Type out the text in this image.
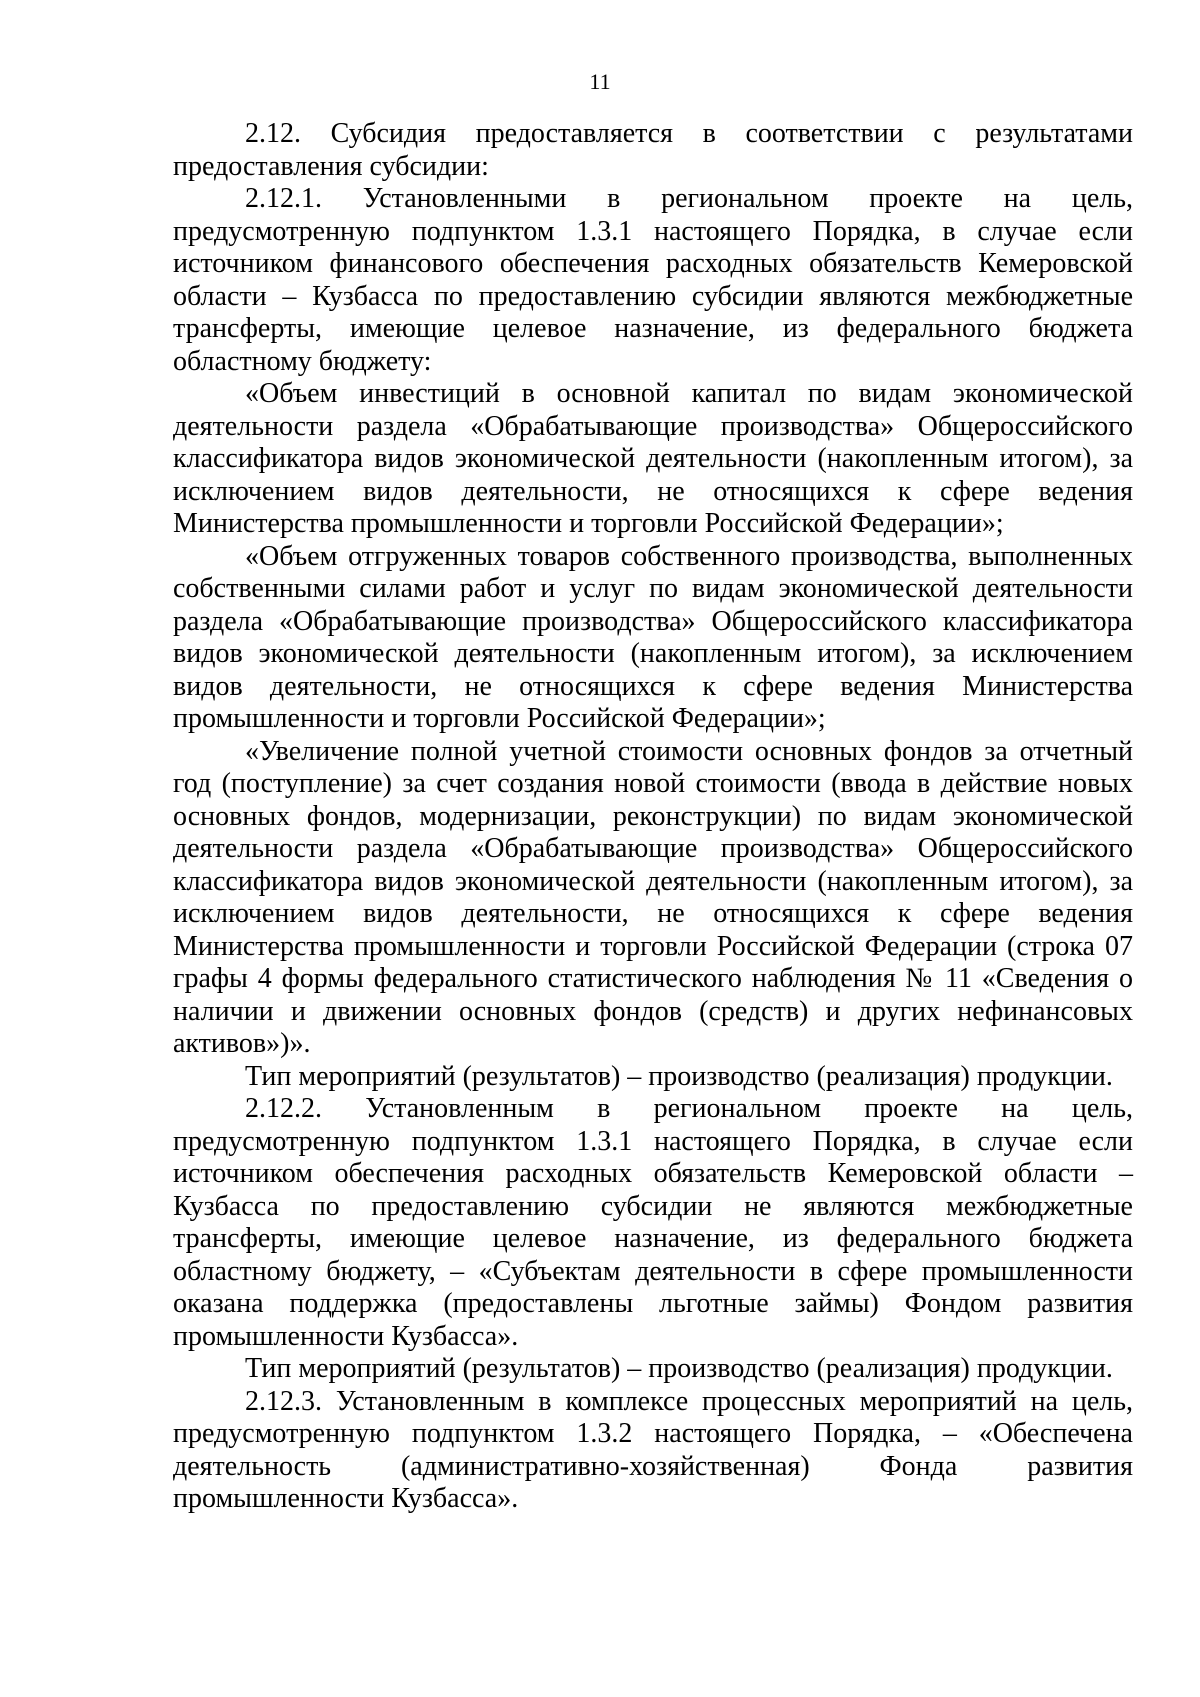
11

2.12. Субсидия предоставляется в соответствии с результатами предоставления субсидии:

2.12.1. Установленными в региональном проекте на цель, предусмотренную подпунктом 1.3.1 настоящего Порядка, в случае если источником финансового обеспечения расходных обязательств Кемеровской области – Кузбасса по предоставлению субсидии являются межбюджетные трансферты, имеющие целевое назначение, из федерального бюджета областному бюджету:

«Объем инвестиций в основной капитал по видам экономической деятельности раздела «Обрабатывающие производства» Общероссийского классификатора видов экономической деятельности (накопленным итогом), за исключением видов деятельности, не относящихся к сфере ведения Министерства промышленности и торговли Российской Федерации»;

«Объем отгруженных товаров собственного производства, выполненных собственными силами работ и услуг по видам экономической деятельности раздела «Обрабатывающие производства» Общероссийского классификатора видов экономической деятельности (накопленным итогом), за исключением видов деятельности, не относящихся к сфере ведения Министерства промышленности и торговли Российской Федерации»;

«Увеличение полной учетной стоимости основных фондов за отчетный год (поступление) за счет создания новой стоимости (ввода в действие новых основных фондов, модернизации, реконструкции) по видам экономической деятельности раздела «Обрабатывающие производства» Общероссийского классификатора видов экономической деятельности (накопленным итогом), за исключением видов деятельности, не относящихся к сфере ведения Министерства промышленности и торговли Российской Федерации (строка 07 графы 4 формы федерального статистического наблюдения № 11 «Сведения о наличии и движении основных фондов (средств) и других нефинансовых активов»)».

Тип мероприятий (результатов) – производство (реализация) продукции.

2.12.2. Установленным в региональном проекте на цель, предусмотренную подпунктом 1.3.1 настоящего Порядка, в случае если источником обеспечения расходных обязательств Кемеровской области – Кузбасса по предоставлению субсидии не являются межбюджетные трансферты, имеющие целевое назначение, из федерального бюджета областному бюджету, – «Субъектам деятельности в сфере промышленности оказана поддержка (предоставлены льготные займы) Фондом развития промышленности Кузбасса».

Тип мероприятий (результатов) – производство (реализация) продукции.

2.12.3. Установленным в комплексе процессных мероприятий на цель, предусмотренную подпунктом 1.3.2 настоящего Порядка, – «Обеспечена деятельность (административно-хозяйственная) Фонда развития промышленности Кузбасса».
